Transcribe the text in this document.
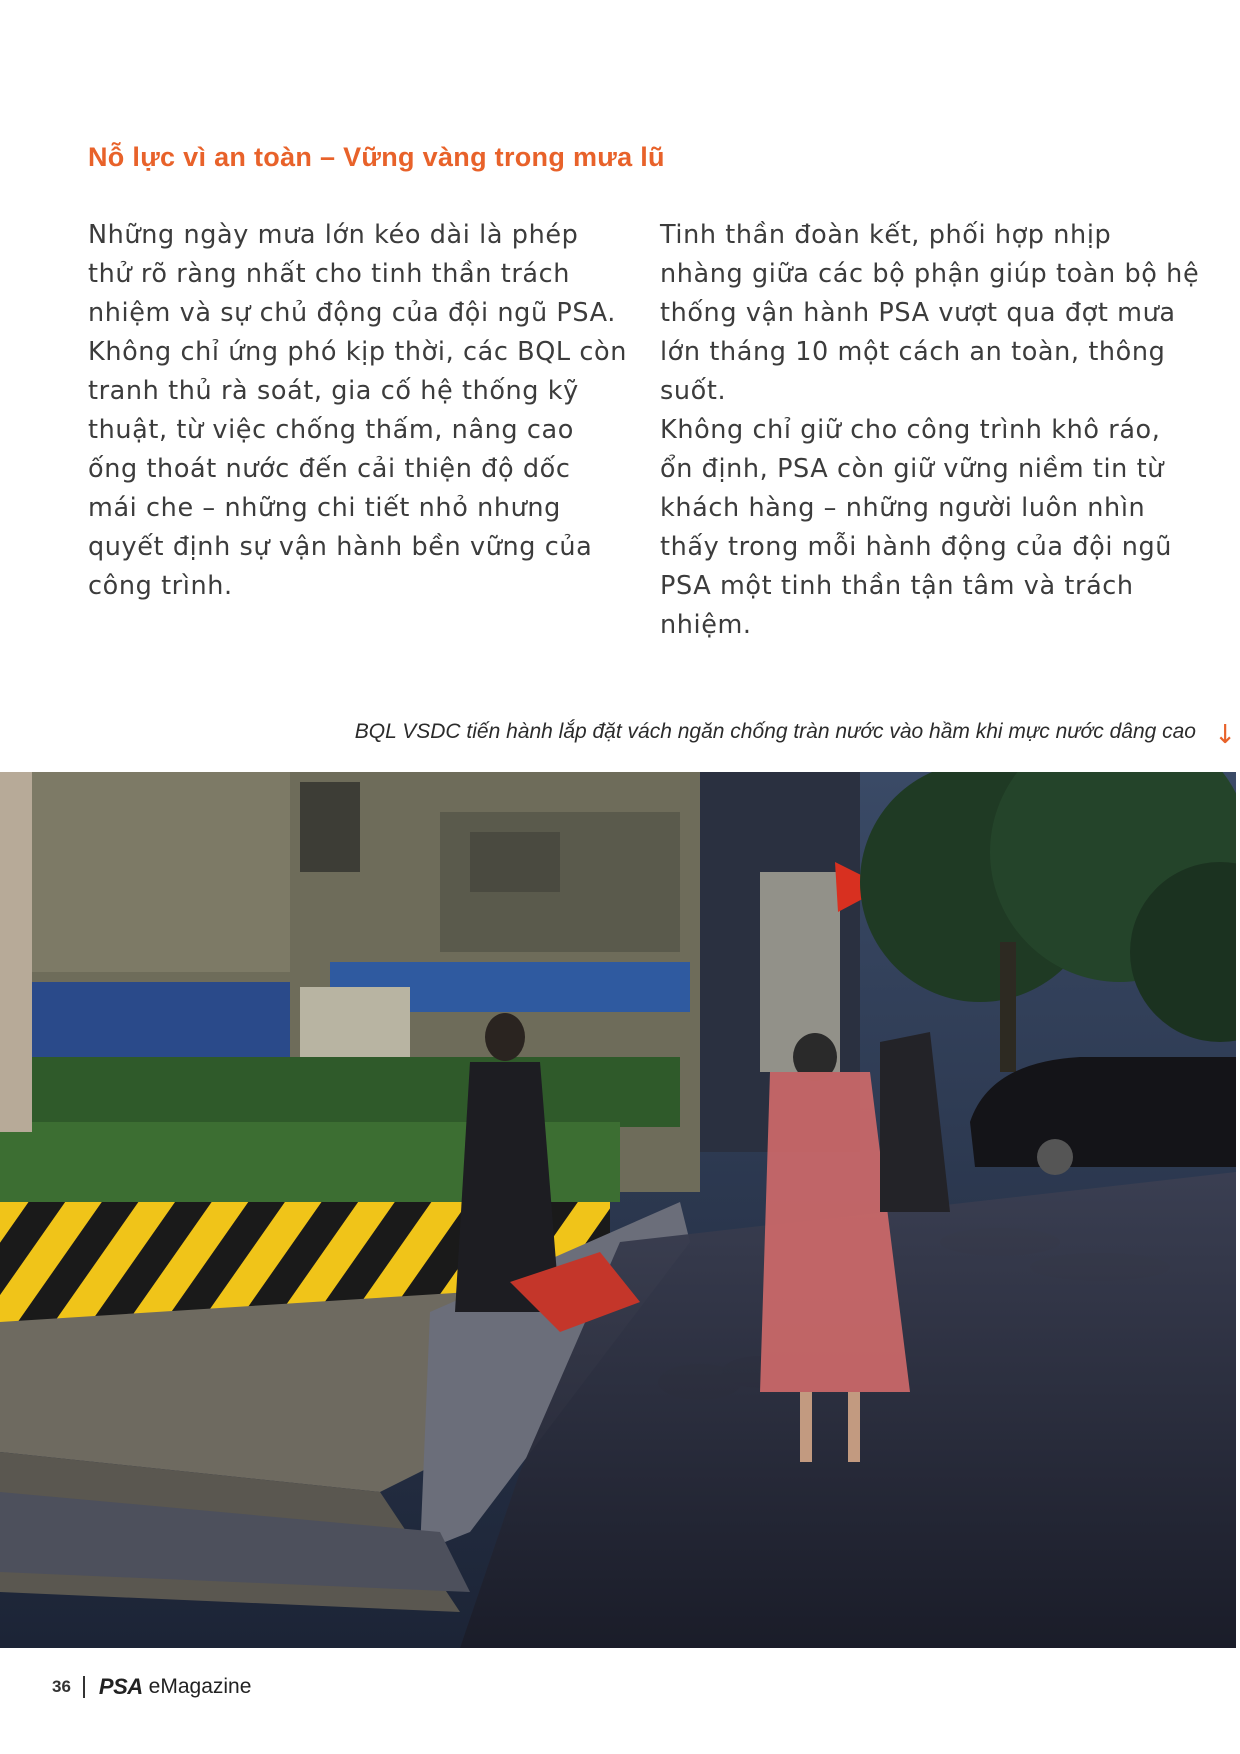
Nỗ lực vì an toàn – Vững vàng trong mưa lũ

Những ngày mưa lớn kéo dài là phép thử rõ ràng nhất cho tinh thần trách nhiệm và sự chủ động của đội ngũ PSA. Không chỉ ứng phó kịp thời, các BQL còn tranh thủ rà soát, gia cố hệ thống kỹ thuật, từ việc chống thấm, nâng cao ống thoát nước đến cải thiện độ dốc mái che – những chi tiết nhỏ nhưng quyết định sự vận hành bền vững của công trình.

Tinh thần đoàn kết, phối hợp nhịp nhàng giữa các bộ phận giúp toàn bộ hệ thống vận hành PSA vượt qua đợt mưa lớn tháng 10 một cách an toàn, thông suốt.

Không chỉ giữ cho công trình khô ráo, ổn định, PSA còn giữ vững niềm tin từ khách hàng – những người luôn nhìn thấy trong mỗi hành động của đội ngũ PSA một tinh thần tận tâm và trách nhiệm.

BQL VSDC tiến hành lắp đặt vách ngăn chống tràn nước vào hầm khi mực nước dâng cao ↓
36 PSA eMagazine
